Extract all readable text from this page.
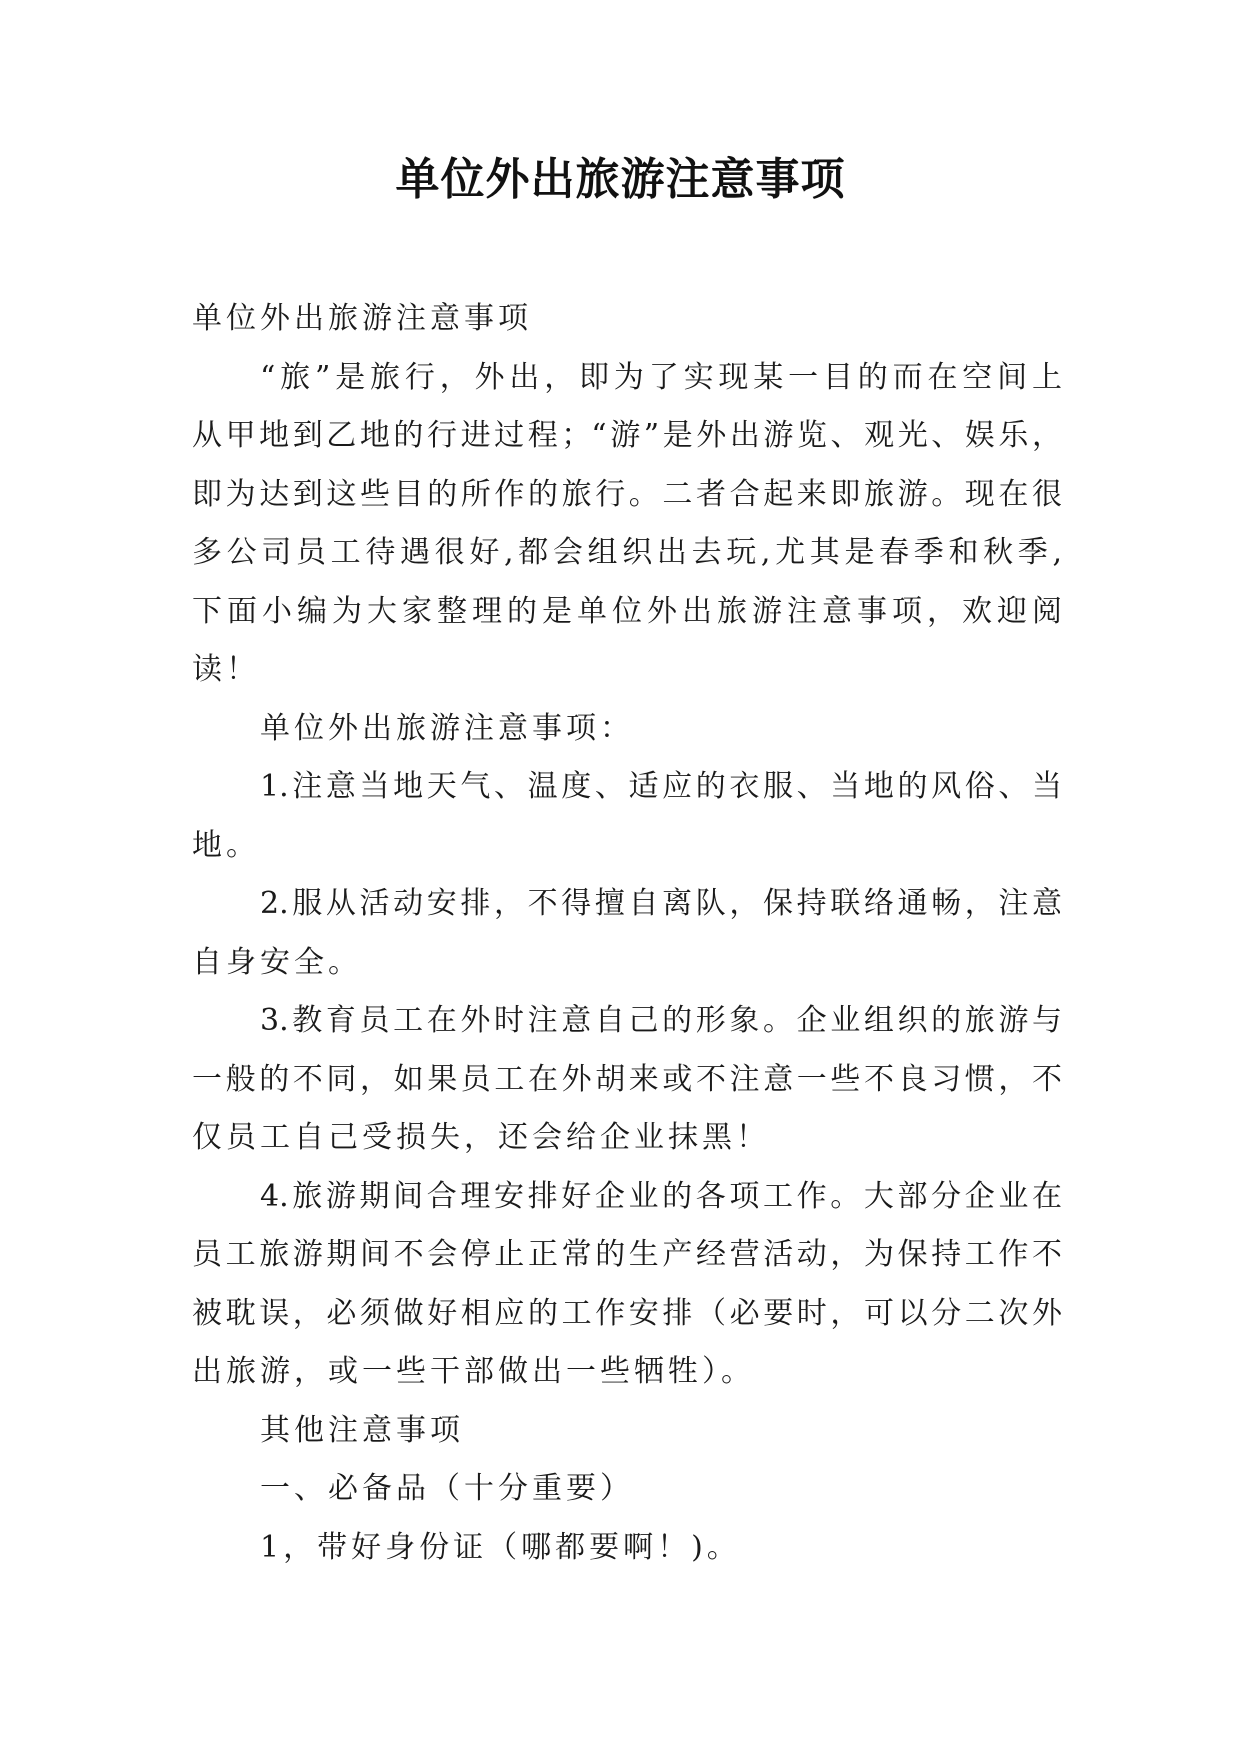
单位外出旅游注意事项
单位外出旅游注意事项
“旅”是旅行，外出，即为了实现某一目的而在空间上
从甲地到乙地的行进过程；“游”是外出游览、观光、娱乐，
即为达到这些目的所作的旅行。二者合起来即旅游。现在很
多公司员工待遇很好,都会组织出去玩,尤其是春季和秋季,
下面小编为大家整理的是单位外出旅游注意事项，欢迎阅
读！
单位外出旅游注意事项：
1.注意当地天气、温度、适应的衣服、当地的风俗、当
地。
2.服从活动安排，不得擅自离队，保持联络通畅，注意
自身安全。
3.教育员工在外时注意自己的形象。企业组织的旅游与
一般的不同，如果员工在外胡来或不注意一些不良习惯，不
仅员工自己受损失，还会给企业抹黑！
4.旅游期间合理安排好企业的各项工作。大部分企业在
员工旅游期间不会停止正常的生产经营活动，为保持工作不
被耽误，必须做好相应的工作安排（必要时，可以分二次外
出旅游，或一些干部做出一些牺牲）。
其他注意事项
一、必备品（十分重要）
1，带好身份证（哪都要啊！)。
